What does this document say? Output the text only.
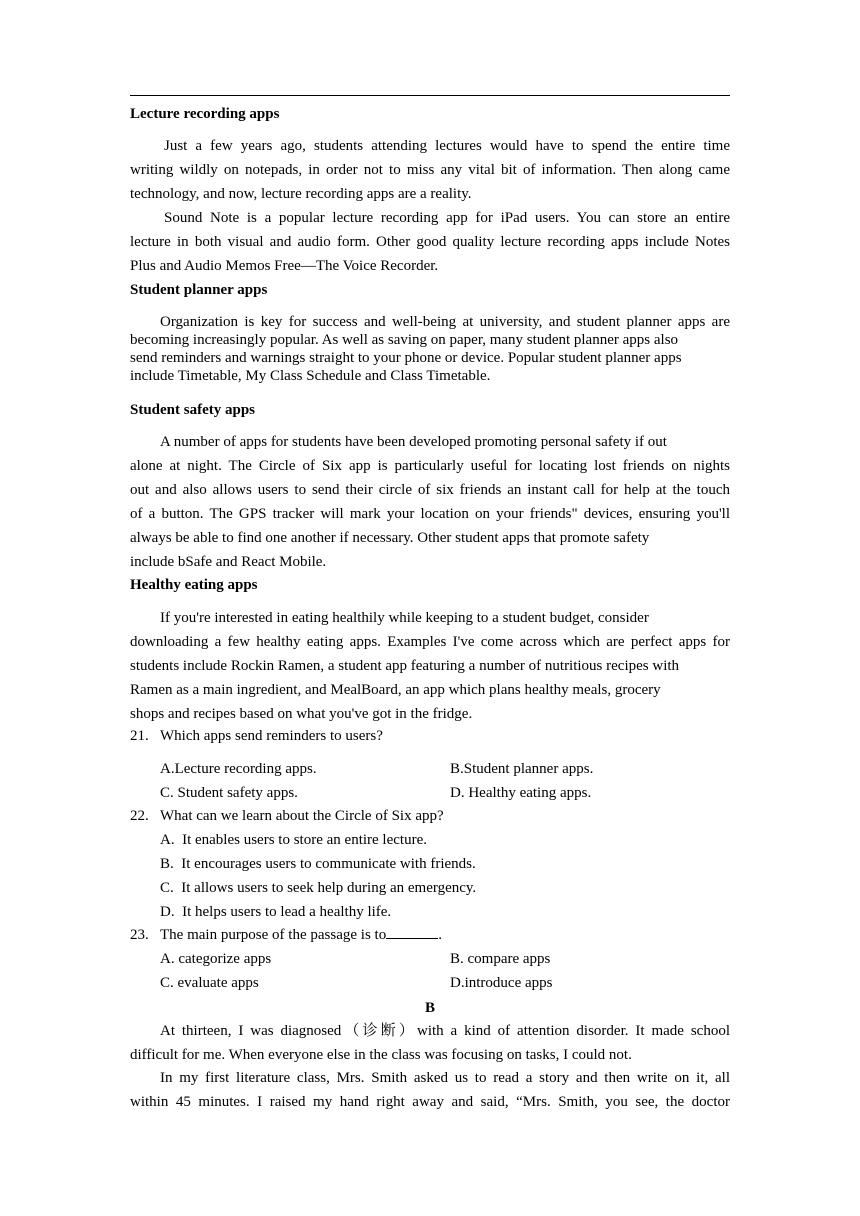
Lecture recording apps
Just a few years ago, students attending lectures would have to spend the entire time
writing wildly on notepads, in order not to miss any vital bit of information. Then along came
technology, and now, lecture recording apps are a reality.
Sound Note is a popular lecture recording app for iPad users. You can store an entire
lecture in both visual and audio form. Other good quality lecture recording apps include Notes
Plus and Audio Memos Free—The Voice Recorder.
Student planner apps
Organization is key for success and well-being at university, and student planner apps are
becoming increasingly popular. As well as saving on paper, many student planner apps also
send reminders and warnings straight to your phone or device. Popular student planner apps
include Timetable, My Class Schedule and Class Timetable.
Student safety apps
A number of apps for students have been developed promoting personal safety if out
alone at night. The Circle of Six app is particularly useful for locating lost friends on nights
out and also allows users to send their circle of six friends an instant call for help at the touch
of a button. The GPS tracker will mark your location on your friends" devices, ensuring you'll
always be able to find one another if necessary. Other student apps that promote safety
include bSafe and React Mobile.
Healthy eating apps
If you're interested in eating healthily while keeping to a student budget, consider
downloading a few healthy eating apps. Examples I've come across which are perfect apps for
students include Rockin Ramen, a student app featuring a number of nutritious recipes with
Ramen as a main ingredient, and MealBoard, an app which plans healthy meals, grocery
shops and recipes based on what you've got in the fridge.
21. Which apps send reminders to users?
A.Lecture recording apps.	B.Student planner apps.
C. Student safety apps.	D. Healthy eating apps.
22. What can we learn about the Circle of Six app?
A.  It enables users to store an entire lecture.
B.  It encourages users to communicate with friends.
C.  It allows users to seek help during an emergency.
D.  It helps users to lead a healthy life.
23. The main purpose of the passage is to	.
A. categorize apps	B. compare apps
C. evaluate apps	D.introduce apps
B
At thirteen, I was diagnosed（诊断）with a kind of attention disorder. It made school
difficult for me. When everyone else in the class was focusing on tasks, I could not.
In my first literature class, Mrs. Smith asked us to read a story and then write on it, all
within 45 minutes. I raised my hand right away and said, “Mrs. Smith, you see, the doctor
